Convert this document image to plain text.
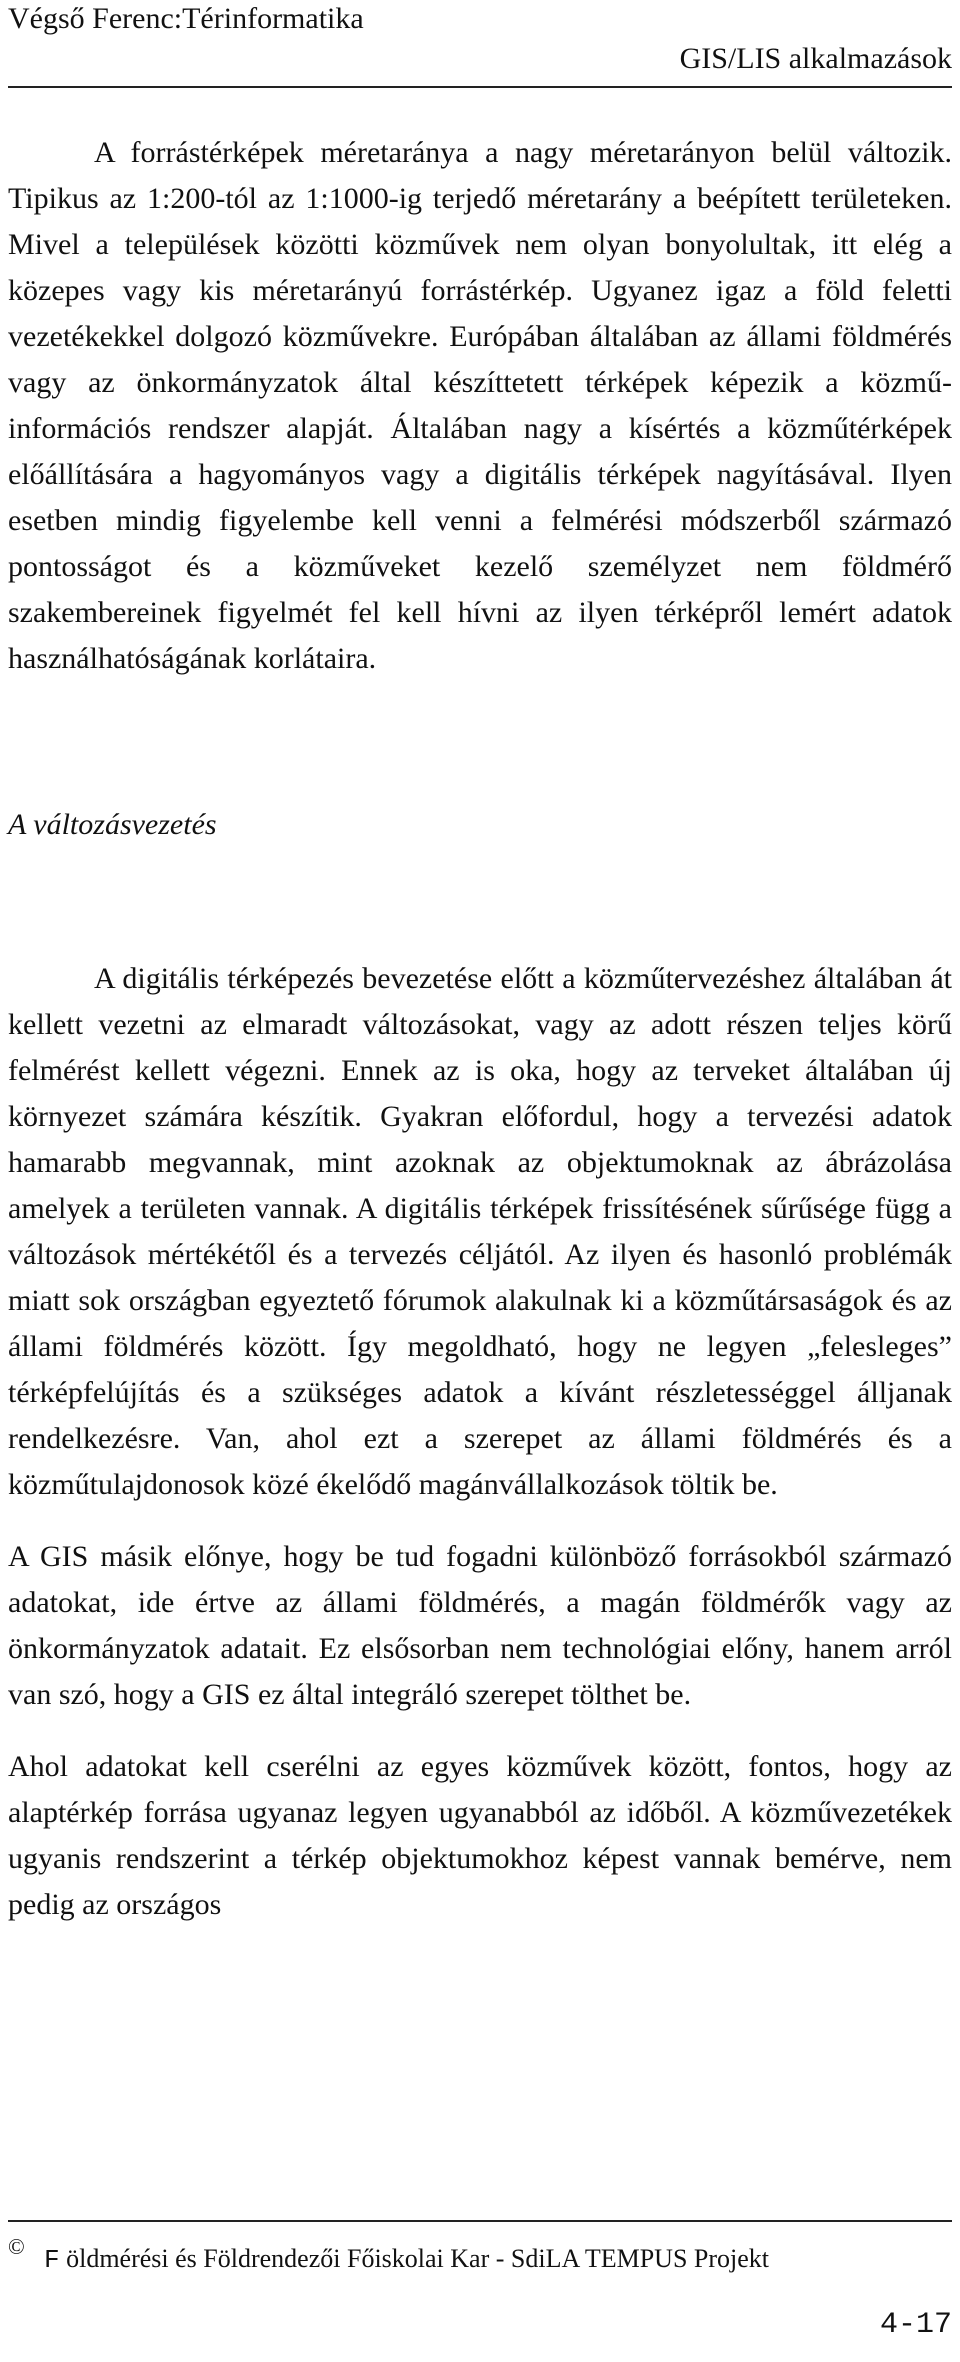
Végső Ferenc:Térinformatika
GIS/LIS alkalmazások

A forrástérképek méretaránya a nagy méretarányon belül változik. Tipikus az 1:200-tól az 1:1000-ig terjedő méretarány a beépített területeken. Mivel a települések közötti közművek nem olyan bonyolultak, itt elég a közepes vagy kis méretarányú forrástérkép. Ugyanez igaz a föld feletti vezetékekkel dolgozó közművekre. Európában általában az állami földmérés vagy az önkormányzatok által készíttetett térképek képezik a közmű-információs rendszer alapját. Általában nagy a kísértés a közműtérképek előállítására a hagyományos vagy a digitális térképek nagyításával. Ilyen esetben mindig figyelembe kell venni a felmérési módszerből származó pontosságot és a közműveket kezelő személyzet nem földmérő szakembereinek figyelmét fel kell hívni az ilyen térképről lemért adatok használhatóságának korlátaira.

A változásvezetés

A digitális térképezés bevezetése előtt a közműtervezéshez általában át kellett vezetni az elmaradt változásokat, vagy az adott részen teljes körű felmérést kellett végezni. Ennek az is oka, hogy az terveket általában új környezet számára készítik. Gyakran előfordul, hogy a tervezési adatok hamarabb megvannak, mint azoknak az objektumoknak az ábrázolása amelyek a területen vannak. A digitális térképek frissítésének sűrűsége függ a változások mértékétől és a tervezés céljától. Az ilyen és hasonló problémák miatt sok országban egyeztető fórumok alakulnak ki a közműtársaságok és az állami földmérés között. Így megoldható, hogy ne legyen „felesleges” térképfelújítás és a szükséges adatok a kívánt részletességgel álljanak rendelkezésre. Van, ahol ezt a szerepet az állami földmérés és a közműtulajdonosok közé ékelődő magánvállalkozások töltik be.

A GIS másik előnye, hogy be tud fogadni különböző forrásokból származó adatokat, ide értve az állami földmérés, a magán földmérők vagy az önkormányzatok adatait. Ez elsősorban nem technológiai előny, hanem arról van szó, hogy a GIS ez által integráló szerepet tölthet be.

Ahol adatokat kell cserélni az egyes közművek között, fontos, hogy az alaptérkép forrása ugyanaz legyen ugyanabból az időből. A közművezetékek ugyanis rendszerint a térkép objektumokhoz képest vannak bemérve, nem pedig az országos

© F öldmérési és Földrendezői Főiskolai Kar - SdiLA TEMPUS Projekt
4-17
